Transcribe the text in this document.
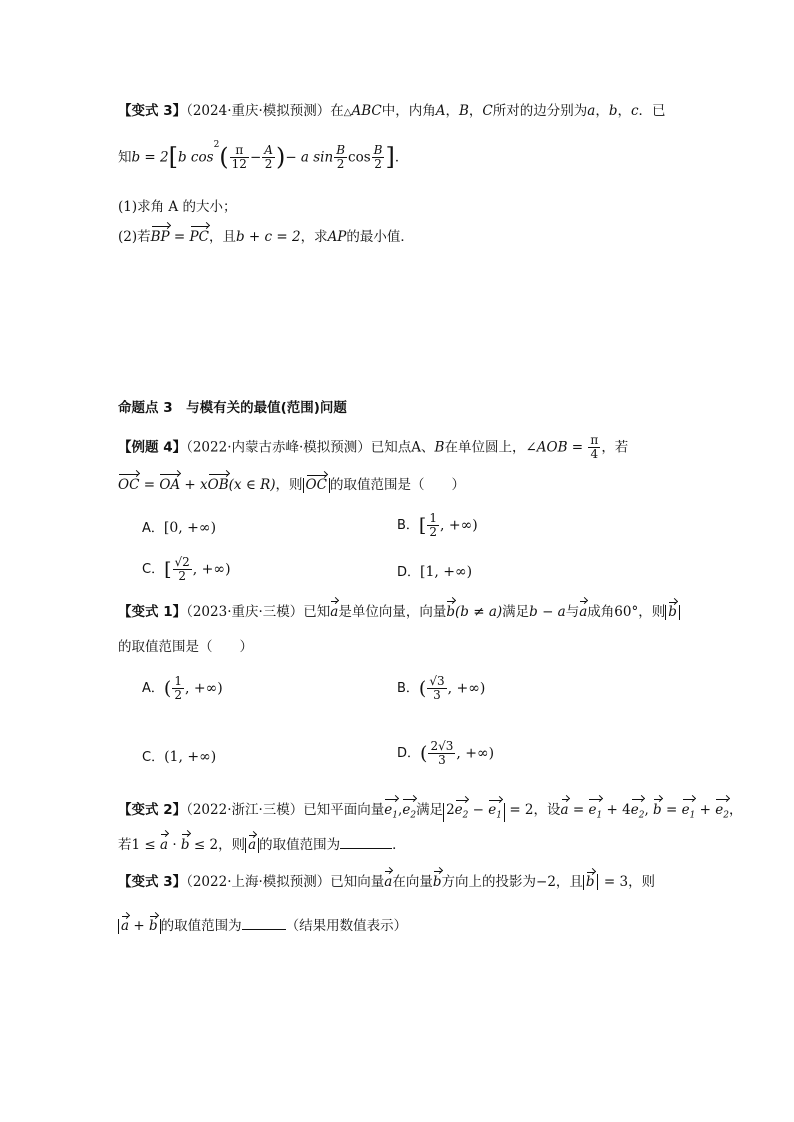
【变式 3】（2024·重庆·模拟预测）在△ABC中，内角A，B，C所对的边分别为a，b，c．已
知b = 2[b $\cos^2( \frac{\pi}{12} - \frac{A}{2}$ )− a $\sin \frac{B}{2}$ $\cos \frac{B}{2}$ ]．
(1)求角 A 的大小；
(2)若BP = PC，且b + c = 2，求AP的最小值．
命题点 3　与模有关的最值(范围)问题
【例题 4】（2022·内蒙古赤峰·模拟预测）已知点A、B在单位圆上，∠AOB = $\frac{\pi}{4}$ ，若
OC = OA + xOB(x ∈ R)，则 OC 的取值范围是（　　）
A．[0, +∞)	B．[ $\frac{1}{2}$ , +∞)
C．[ $\frac{√2}{2}$ , +∞)	D．[1, +∞)
【变式 1】（2023·重庆·三模）已知a是单位向量，向量b(b ≠ a)满足b − a与a成角60°，则 b
的取值范围是（　　）
A．( $\frac{1}{2}$ , +∞)	B．( $\frac{√3}{3}$ , +∞)
C．(1, +∞)	D．( $\frac{2√3}{3}$ , +∞)
【变式 2】（2022·浙江·三模）已知平面向量$e_1,e_2$满足 $2e_2 - e_1 = 2$，设$a = e_1 + 4e_2$, $b = e_1 + e_2$，
若1 ≤ a · b ≤ 2，则 a 的取值范围为	．
【变式 3】（2022·上海·模拟预测）已知向量a在向量b方向上的投影为−2，且 b = 3，则
a + b 的取值范围为	（结果用数值表示）
